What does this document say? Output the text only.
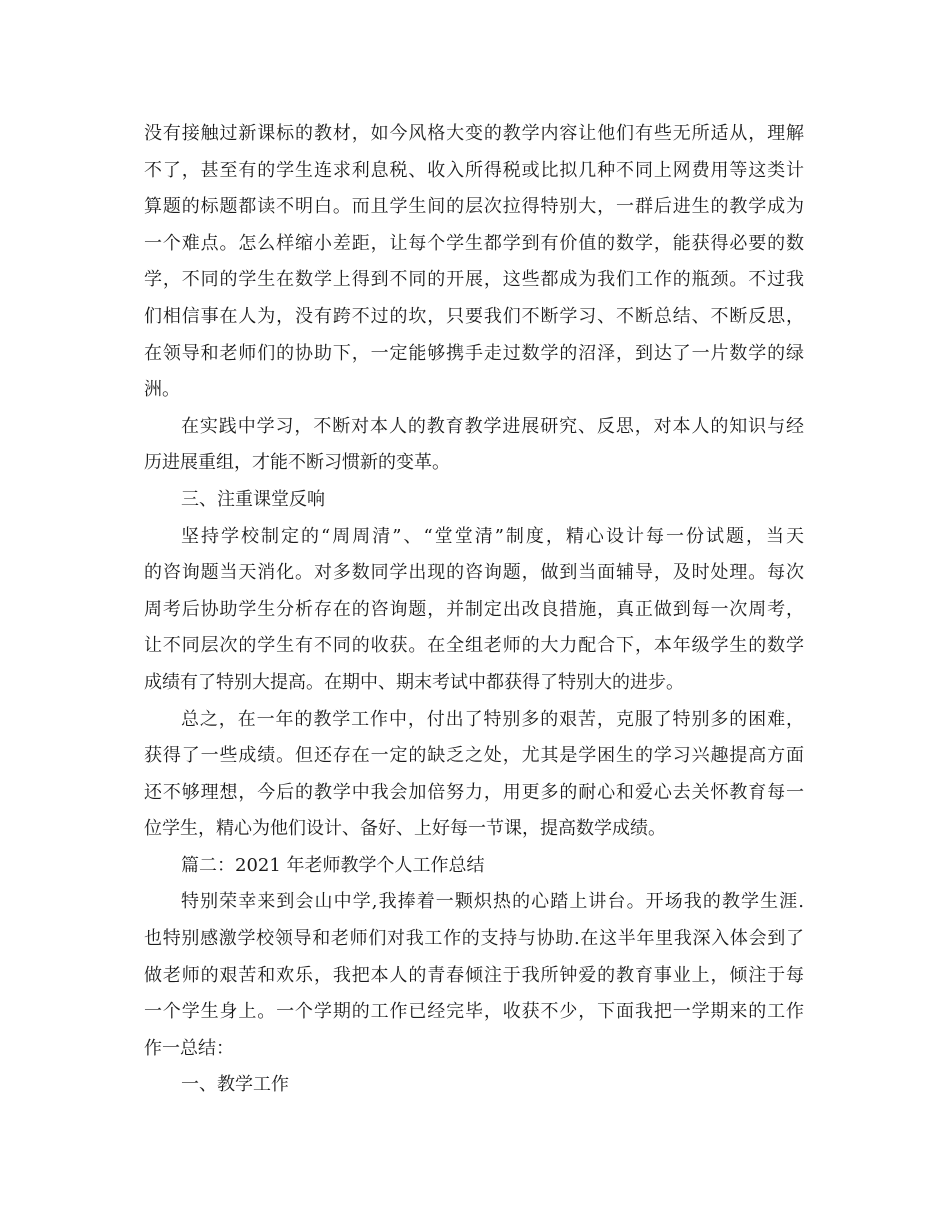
没有接触过新课标的教材，如今风格大变的教学内容让他们有些无所适从，理解
不了，甚至有的学生连求利息税、收入所得税或比拟几种不同上网费用等这类计
算题的标题都读不明白。而且学生间的层次拉得特别大，一群后进生的教学成为
一个难点。怎么样缩小差距，让每个学生都学到有价值的数学，能获得必要的数
学，不同的学生在数学上得到不同的开展，这些都成为我们工作的瓶颈。不过我
们相信事在人为，没有跨不过的坎，只要我们不断学习、不断总结、不断反思，
在领导和老师们的协助下，一定能够携手走过数学的沼泽，到达了一片数学的绿
洲。
在实践中学习，不断对本人的教育教学进展研究、反思，对本人的知识与经
历进展重组，才能不断习惯新的变革。
三、注重课堂反响
坚持学校制定的“周周清”、“堂堂清”制度，精心设计每一份试题，当天
的咨询题当天消化。对多数同学出现的咨询题，做到当面辅导，及时处理。每次
周考后协助学生分析存在的咨询题，并制定出改良措施，真正做到每一次周考，
让不同层次的学生有不同的收获。在全组老师的大力配合下，本年级学生的数学
成绩有了特别大提高。在期中、期末考试中都获得了特别大的进步。
总之，在一年的教学工作中，付出了特别多的艰苦，克服了特别多的困难，
获得了一些成绩。但还存在一定的缺乏之处，尤其是学困生的学习兴趣提高方面
还不够理想，今后的教学中我会加倍努力，用更多的耐心和爱心去关怀教育每一
位学生，精心为他们设计、备好、上好每一节课，提高数学成绩。
篇二：2021 年老师教学个人工作总结
特别荣幸来到会山中学,我捧着一颗炽热的心踏上讲台。开场我的教学生涯.
也特别感激学校领导和老师们对我工作的支持与协助.在这半年里我深入体会到了
做老师的艰苦和欢乐，我把本人的青春倾注于我所钟爱的教育事业上，倾注于每
一个学生身上。一个学期的工作已经完毕，收获不少，下面我把一学期来的工作
作一总结：
一、教学工作
